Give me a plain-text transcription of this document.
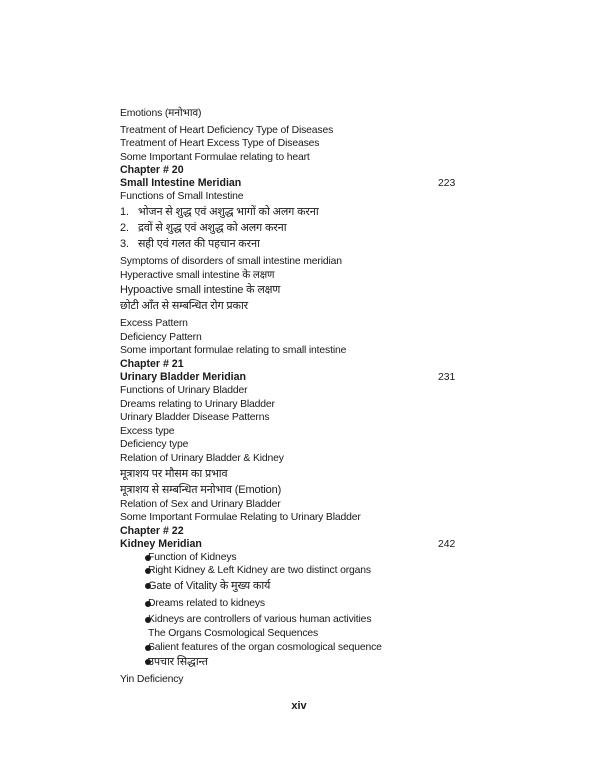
Emotions (मनोभाव)
Treatment of Heart Deficiency Type of Diseases
Treatment of Heart Excess Type of Diseases
Some Important Formulae relating to heart
Chapter # 20
Small Intestine Meridian	223
Functions of Small Intestine
1. भोजन से शुद्ध एवं अशुद्ध भागों को अलग करना
2. द्रवों से शुद्ध एवं अशुद्ध को अलग करना
3. सही एवं गलत की पहचान करना
Symptoms of disorders of small intestine meridian
Hyperactive small intestine के लक्षण
Hypoactive small intestine के लक्षण
छोटी आँत से सम्बन्धित रोग प्रकार
Excess Pattern
Deficiency Pattern
Some important formulae relating to small intestine
Chapter # 21
Urinary Bladder Meridian	231
Functions of Urinary Bladder
Dreams relating to Urinary Bladder
Urinary Bladder Disease Patterns
Excess type
Deficiency type
Relation of Urinary Bladder & Kidney
मूत्राशय पर मौसम का प्रभाव
मूत्राशय से सम्बन्धित मनोभाव (Emotion)
Relation of Sex and Urinary Bladder
Some Important Formulae Relating to Urinary Bladder
Chapter # 22
Kidney Meridian	242
Function of Kidneys
Right Kidney & Left Kidney are two distinct organs
Gate of Vitality के मुख्य कार्य
Dreams related to kidneys
Kidneys are controllers of various human activities
The Organs Cosmological Sequences
Salient features of the organ cosmological sequence
उपचार सिद्धान्त
Yin Deficiency
xiv
